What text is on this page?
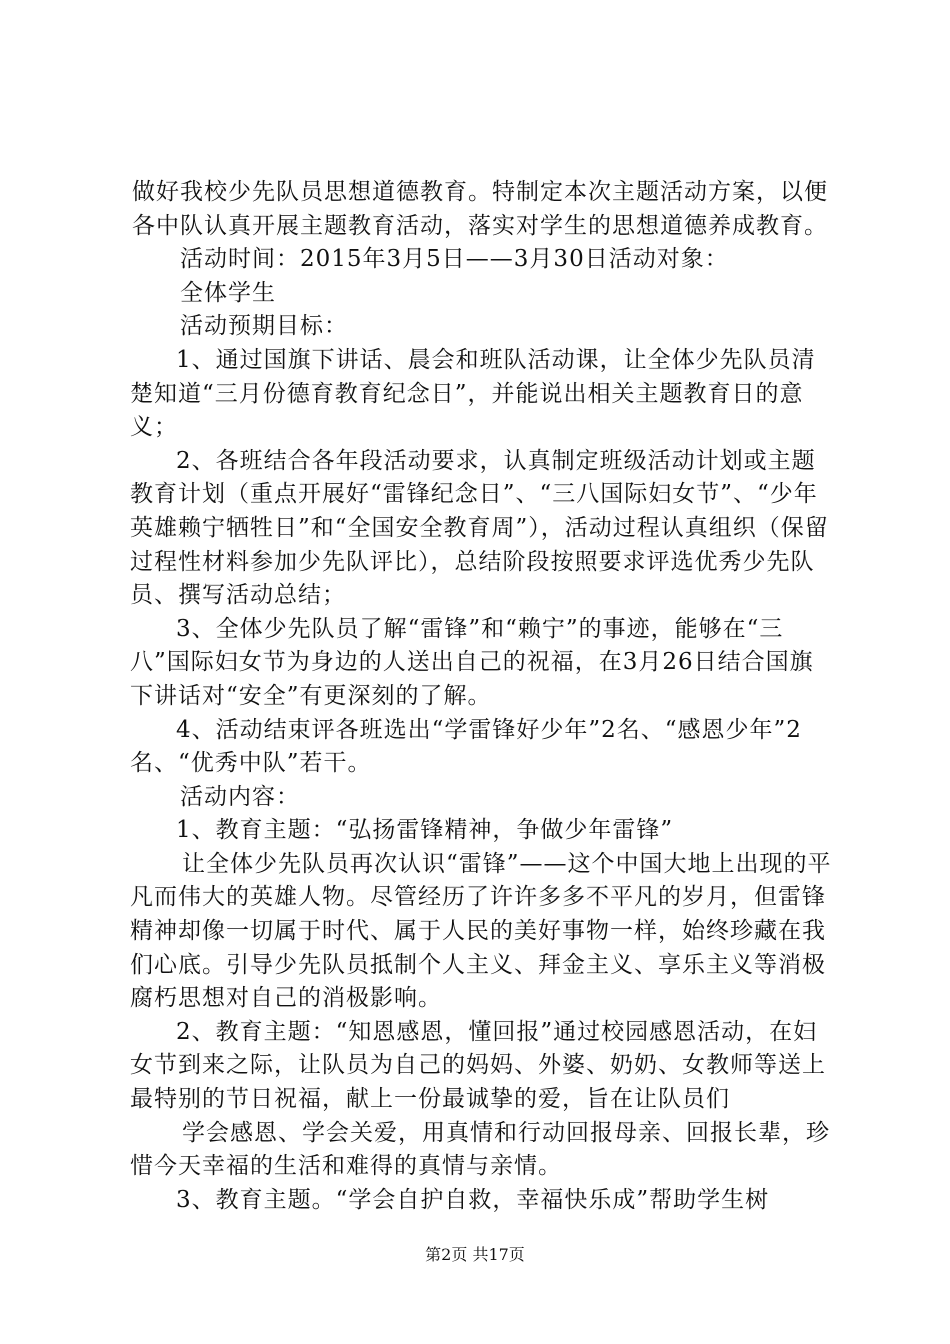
做好我校少先队员思想道德教育。特制定本次主题活动方案，以便各中队认真开展主题教育活动，落实对学生的思想道德养成教育。

活动时间：2015年3月5日——3月30日活动对象：

全体学生

活动预期目标：

1、通过国旗下讲话、晨会和班队活动课，让全体少先队员清楚知道“三月份德育教育纪念日”，并能说出相关主题教育日的意义；

2、各班结合各年段活动要求，认真制定班级活动计划或主题教育计划（重点开展好“雷锋纪念日”、“三八国际妇女节”、“少年英雄赖宁牺牲日”和“全国安全教育周”），活动过程认真组织（保留过程性材料参加少先队评比），总结阶段按照要求评选优秀少先队员、撰写活动总结；

3、全体少先队员了解“雷锋”和“赖宁”的事迹，能够在“三八”国际妇女节为身边的人送出自己的祝福，在3月26日结合国旗下讲话对“安全”有更深刻的了解。

4、活动结束评各班选出“学雷锋好少年”2名、“感恩少年”2名、“优秀中队”若干。

活动内容：

1、教育主题：“弘扬雷锋精神，争做少年雷锋”

让全体少先队员再次认识“雷锋”——这个中国大地上出现的平凡而伟大的英雄人物。尽管经历了许许多多不平凡的岁月，但雷锋精神却像一切属于时代、属于人民的美好事物一样，始终珍藏在我们心底。引导少先队员抵制个人主义、拜金主义、享乐主义等消极腐朽思想对自己的消极影响。

2、教育主题：“知恩感恩，懂回报”通过校园感恩活动，在妇女节到来之际，让队员为自己的妈妈、外婆、奶奶、女教师等送上最特别的节日祝福，献上一份最诚挚的爱，旨在让队员们

学会感恩、学会关爱，用真情和行动回报母亲、回报长辈，珍惜今天幸福的生活和难得的真情与亲情。

3、教育主题。“学会自护自救，幸福快乐成”帮助学生树

第2页 共17页
